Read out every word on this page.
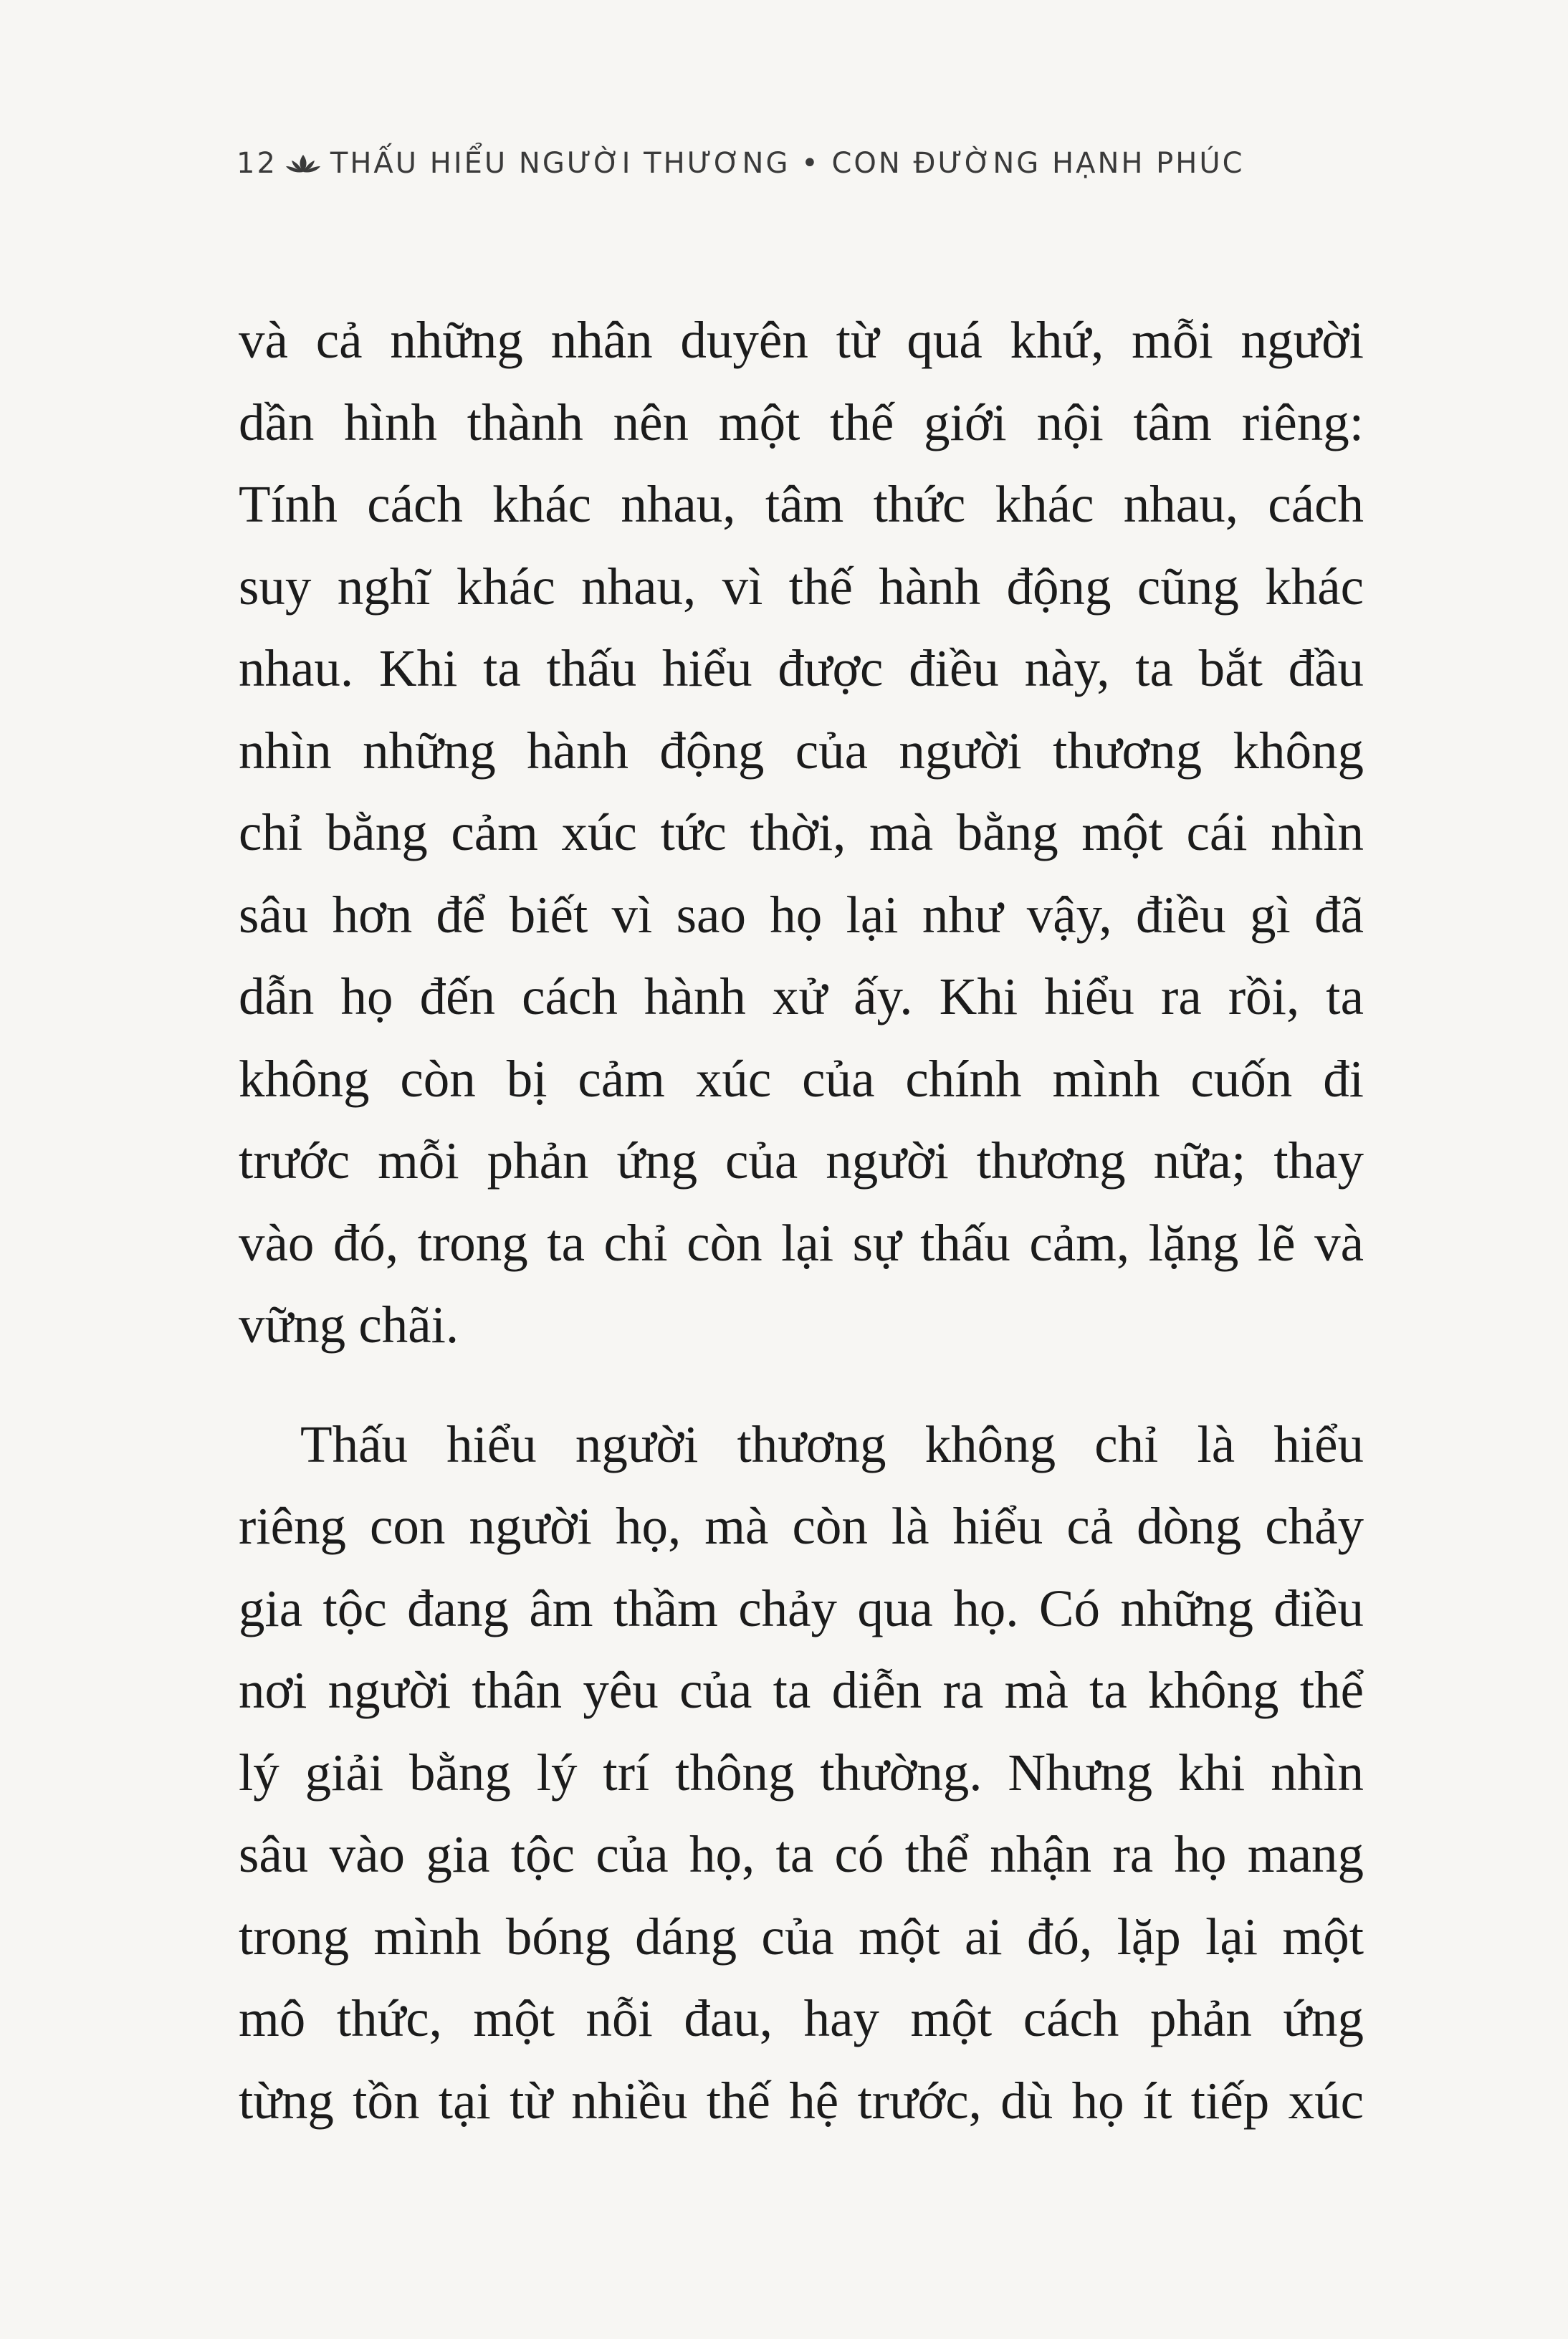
12 THẤU HIỂU NGƯỜI THƯƠNG • CON ĐƯỜNG HẠNH PHÚC
và cả những nhân duyên từ quá khứ, mỗi người
dần hình thành nên một thế giới nội tâm riêng:
Tính cách khác nhau, tâm thức khác nhau, cách
suy nghĩ khác nhau, vì thế hành động cũng khác
nhau. Khi ta thấu hiểu được điều này, ta bắt đầu
nhìn những hành động của người thương không
chỉ bằng cảm xúc tức thời, mà bằng một cái nhìn
sâu hơn để biết vì sao họ lại như vậy, điều gì đã
dẫn họ đến cách hành xử ấy. Khi hiểu ra rồi, ta
không còn bị cảm xúc của chính mình cuốn đi
trước mỗi phản ứng của người thương nữa; thay
vào đó, trong ta chỉ còn lại sự thấu cảm, lặng lẽ và
vững chãi.
Thấu hiểu người thương không chỉ là hiểu
riêng con người họ, mà còn là hiểu cả dòng chảy
gia tộc đang âm thầm chảy qua họ. Có những điều
nơi người thân yêu của ta diễn ra mà ta không thể
lý giải bằng lý trí thông thường. Nhưng khi nhìn
sâu vào gia tộc của họ, ta có thể nhận ra họ mang
trong mình bóng dáng của một ai đó, lặp lại một
mô thức, một nỗi đau, hay một cách phản ứng
từng tồn tại từ nhiều thế hệ trước, dù họ ít tiếp xúc
